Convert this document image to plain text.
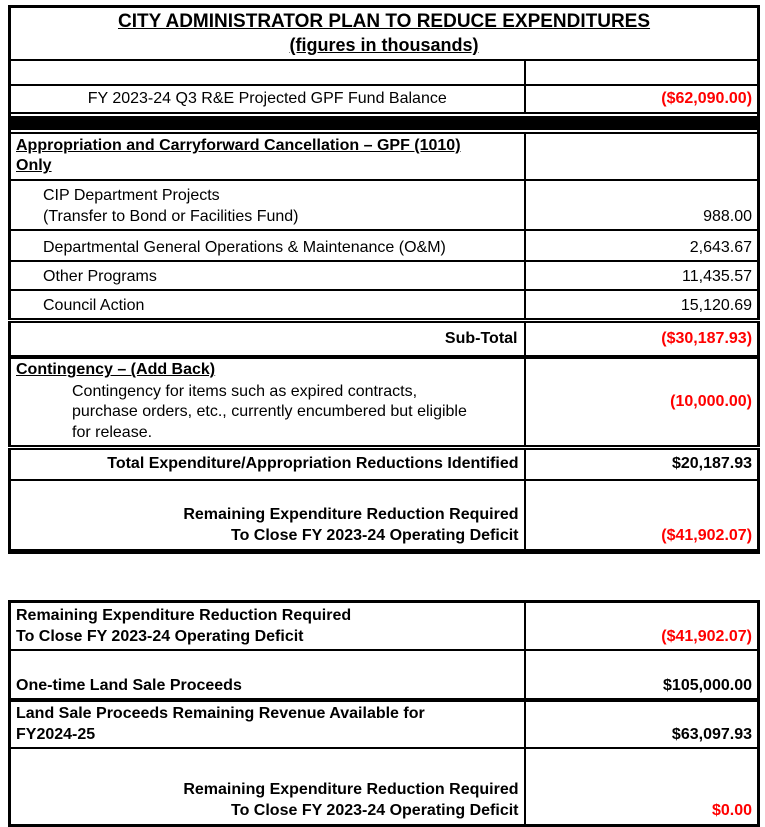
CITY ADMINISTRATOR PLAN TO REDUCE EXPENDITURES
(figures in thousands)	

FY 2023-24 Q3 R&E Projected GPF Fund Balance	($62,090.00)

Appropriation and Carryforward Cancellation – GPF (1010)
Only	

CIP Department Projects
(Transfer to Bond or Facilities Fund)	988.00
Departmental General Operations & Maintenance (O&M)	2,643.67
Other Programs	11,435.57
Council Action	15,120.69
Sub-Total	($30,187.93)

Contingency – (Add Back)
Contingency for items such as expired contracts, purchase orders, etc., currently encumbered but eligible for release.	(10,000.00)
Total Expenditure/Appropriation Reductions Identified	$20,187.93

Remaining Expenditure Reduction Required
To Close FY 2023-24 Operating Deficit	($41,902.07)
Remaining Expenditure Reduction Required
To Close FY 2023-24 Operating Deficit	($41,902.07)
One-time Land Sale Proceeds	$105,000.00

Land Sale Proceeds Remaining Revenue Available for
FY2024-25	$63,097.93

Remaining Expenditure Reduction Required
To Close FY 2023-24 Operating Deficit	$0.00
